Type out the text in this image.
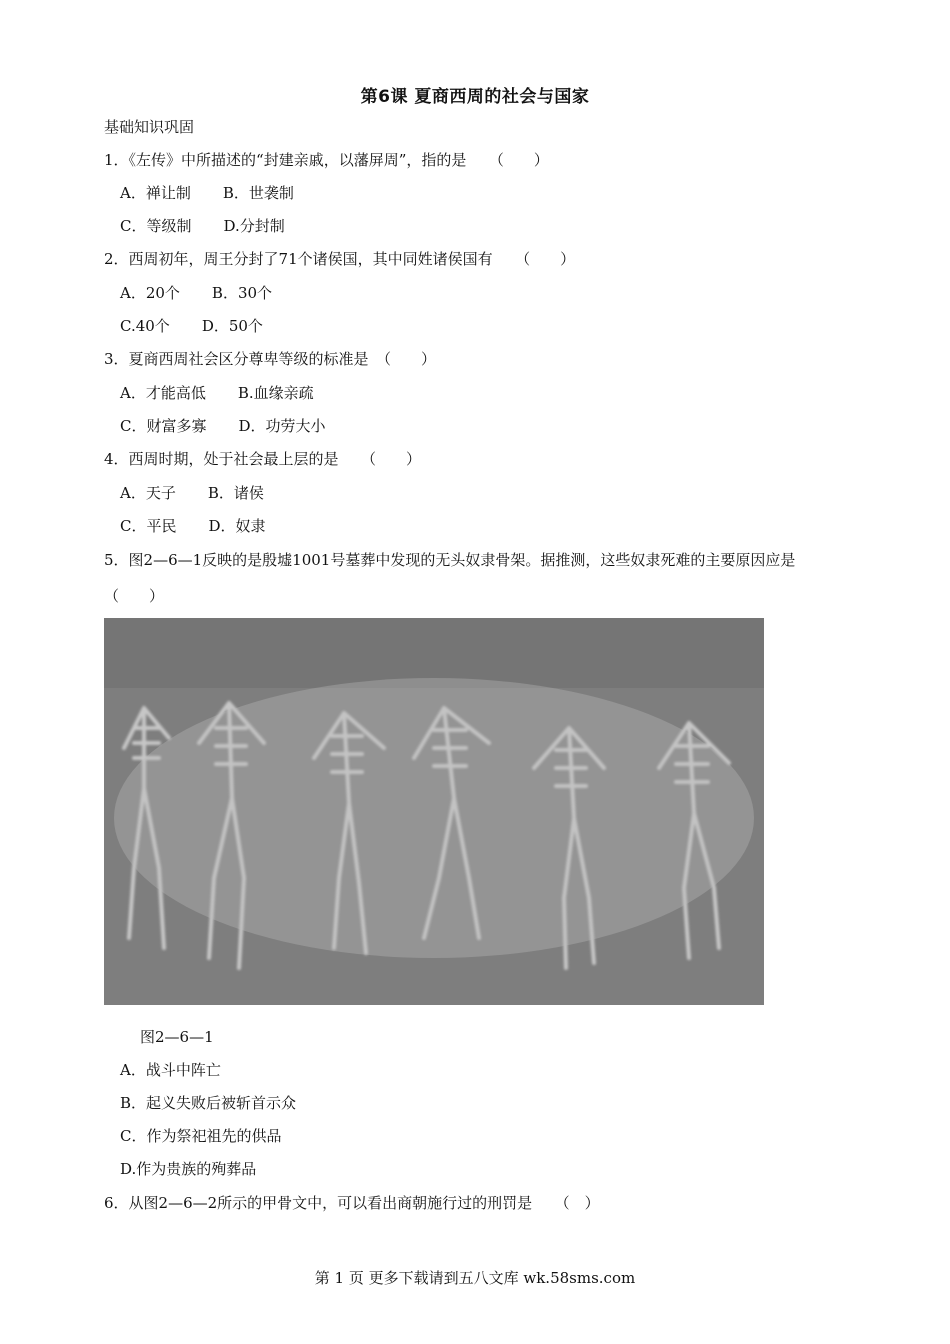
第6课 夏商西周的社会与国家
基础知识巩固
1．《左传》中所描述的“封建亲戚，以藩屏周”，指的是　　（　　）
A．禅让制 B．世袭制
C．等级制 D.分封制
2．西周初年，周王分封了71个诸侯国，其中同姓诸侯国有　　（　　）
A．20个 B．30个
C.40个 D．50个
3．夏商西周社会区分尊卑等级的标准是　（　　）
A．才能高低 B.血缘亲疏
C．财富多寡 D．功劳大小
4．西周时期，处于社会最上层的是　　（　　）
A．天子 B．诸侯
C．平民 D．奴隶
5．图2—6—1反映的是殷墟1001号墓葬中发现的无头奴隶骨架。据推测，这些奴隶死难的主要原因应是
（　　）
图2—6—1
A．战斗中阵亡
B．起义失败后被斩首示众
C．作为祭祀祖先的供品
D.作为贵族的殉葬品
6．从图2—6—2所示的甲骨文中，可以看出商朝施行过的刑罚是　　（　）
第 1 页 更多下载请到五八文库 wk.58sms.com
